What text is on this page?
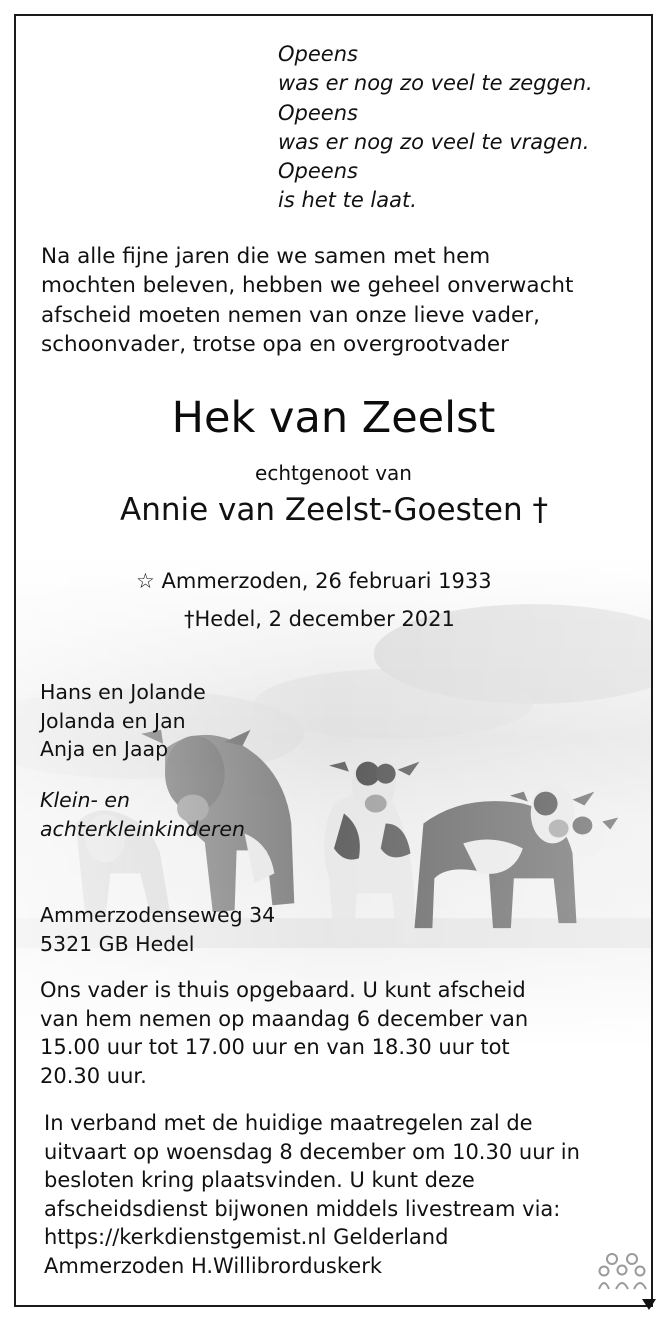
Opeens
was er nog zo veel te zeggen.
Opeens
was er nog zo veel te vragen.
Opeens
is het te laat.
Na alle fijne jaren die we samen met hem
mochten beleven, hebben we geheel onverwacht
afscheid moeten nemen van onze lieve vader,
schoonvader, trotse opa en overgrootvader
Hek van Zeelst
echtgenoot van
Annie van Zeelst-Goesten †
☆ Ammerzoden, 26 februari 1933
†Hedel, 2 december 2021
Hans en Jolande
Jolanda en Jan
Anja en Jaap
Klein- en
achterkleinkinderen
Ammerzodenseweg 34
5321 GB Hedel
Ons vader is thuis opgebaard. U kunt afscheid
van hem nemen op maandag 6 december van
15.00 uur tot 17.00 uur en van 18.30 uur tot
20.30 uur.
In verband met de huidige maatregelen zal de
uitvaart op woensdag 8 december om 10.30 uur in
besloten kring plaatsvinden. U kunt deze
afscheidsdienst bijwonen middels livestream via:
https://kerkdienstgemist.nl Gelderland
Ammerzoden H.Willibrorduskerk
